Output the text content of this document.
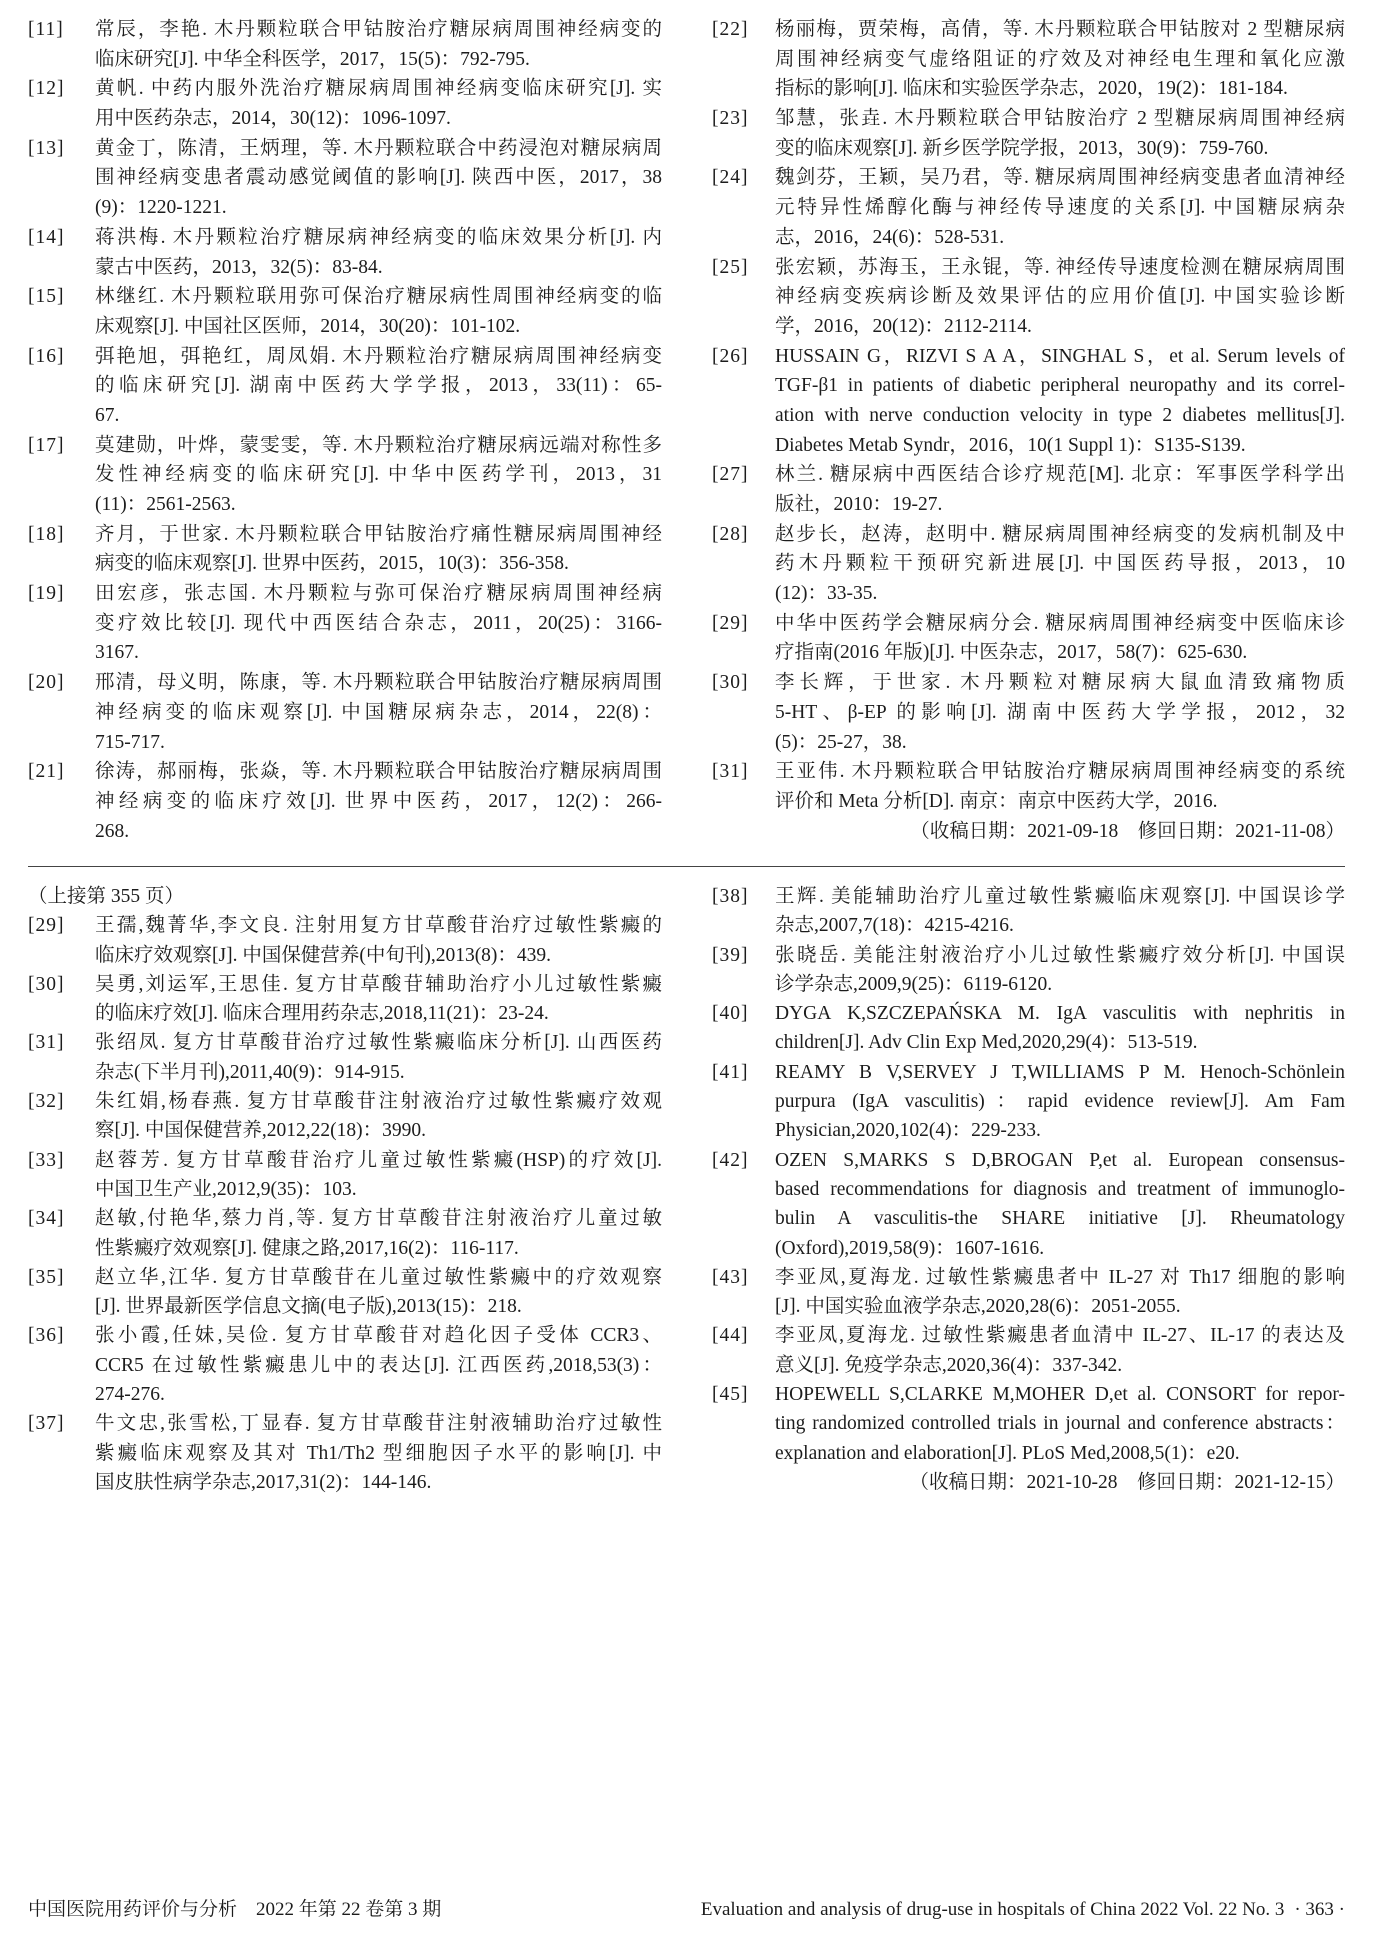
[11]	常辰，李艳. 木丹颗粒联合甲钴胺治疗糖尿病周围神经病变的
临床研究[J]. 中华全科医学，2017，15(5)：792-795.
[12]	黄帆. 中药内服外洗治疗糖尿病周围神经病变临床研究[J]. 实
用中医药杂志，2014，30(12)：1096-1097.
[13]	黄金丁，陈清，王炳理，等. 木丹颗粒联合中药浸泡对糖尿病周
围神经病变患者震动感觉阈值的影响[J]. 陕西中医，2017，38
(9)：1220-1221.
[14]	蒋洪梅. 木丹颗粒治疗糖尿病神经病变的临床效果分析[J]. 内
蒙古中医药，2013，32(5)：83-84.
[15]	林继红. 木丹颗粒联用弥可保治疗糖尿病性周围神经病变的临
床观察[J]. 中国社区医师，2014，30(20)：101-102.
[16]	弭艳旭，弭艳红，周凤娟. 木丹颗粒治疗糖尿病周围神经病变
的临床研究[J]. 湖南中医药大学学报，2013，33(11)：65-
67.
[17]	莫建勋，叶烨，蒙雯雯，等. 木丹颗粒治疗糖尿病远端对称性多
发性神经病变的临床研究[J]. 中华中医药学刊，2013，31
(11)：2561-2563.
[18]	齐月，于世家. 木丹颗粒联合甲钴胺治疗痛性糖尿病周围神经
病变的临床观察[J]. 世界中医药，2015，10(3)：356-358.
[19]	田宏彦，张志国. 木丹颗粒与弥可保治疗糖尿病周围神经病
变疗效比较[J]. 现代中西医结合杂志，2011，20(25)：3166-
3167.
[20]	邢清，母义明，陈康，等. 木丹颗粒联合甲钴胺治疗糖尿病周围
神经病变的临床观察[J]. 中国糖尿病杂志，2014，22(8)：
715-717.
[21]	徐涛，郝丽梅，张焱，等. 木丹颗粒联合甲钴胺治疗糖尿病周围
神经病变的临床疗效[J]. 世界中医药，2017，12(2)：266-
268.
[22]	杨丽梅，贾荣梅，高倩，等. 木丹颗粒联合甲钴胺对 2 型糖尿病
周围神经病变气虚络阻证的疗效及对神经电生理和氧化应激
指标的影响[J]. 临床和实验医学杂志，2020，19(2)：181-184.
[23]	邹慧，张垚. 木丹颗粒联合甲钴胺治疗 2 型糖尿病周围神经病
变的临床观察[J]. 新乡医学院学报，2013，30(9)：759-760.
[24]	魏剑芬，王颖，吴乃君，等. 糖尿病周围神经病变患者血清神经
元特异性烯醇化酶与神经传导速度的关系[J]. 中国糖尿病杂
志，2016，24(6)：528-531.
[25]	张宏颖，苏海玉，王永锟，等. 神经传导速度检测在糖尿病周围
神经病变疾病诊断及效果评估的应用价值[J]. 中国实验诊断
学，2016，20(12)：2112-2114.
[26]	HUSSAIN G，RIZVI S A A，SINGHAL S，et al. Serum levels of
TGF-β1 in patients of diabetic peripheral neuropathy and its correl-
ation with nerve conduction velocity in type 2 diabetes mellitus[J].
Diabetes Metab Syndr，2016，10(1 Suppl 1)：S135-S139.
[27]	林兰. 糖尿病中西医结合诊疗规范[M]. 北京：军事医学科学出
版社，2010：19-27.
[28]	赵步长，赵涛，赵明中. 糖尿病周围神经病变的发病机制及中
药木丹颗粒干预研究新进展[J]. 中国医药导报，2013，10
(12)：33-35.
[29]	中华中医药学会糖尿病分会. 糖尿病周围神经病变中医临床诊
疗指南(2016 年版)[J]. 中医杂志，2017，58(7)：625-630.
[30]	李长辉，于世家. 木丹颗粒对糖尿病大鼠血清致痛物质
5-HT、β-EP 的影响[J]. 湖南中医药大学学报，2012，32
(5)：25-27，38.
[31]	王亚伟. 木丹颗粒联合甲钴胺治疗糖尿病周围神经病变的系统
评价和 Meta 分析[D]. 南京：南京中医药大学，2016.
（收稿日期：2021-09-18　修回日期：2021-11-08）
（上接第 355 页）
[29]	王孺,魏菁华,李文良. 注射用复方甘草酸苷治疗过敏性紫癜的
临床疗效观察[J]. 中国保健营养(中旬刊),2013(8)：439.
[30]	吴勇,刘运军,王思佳. 复方甘草酸苷辅助治疗小儿过敏性紫癜
的临床疗效[J]. 临床合理用药杂志,2018,11(21)：23-24.
[31]	张绍凤. 复方甘草酸苷治疗过敏性紫癜临床分析[J]. 山西医药
杂志(下半月刊),2011,40(9)：914-915.
[32]	朱红娟,杨春燕. 复方甘草酸苷注射液治疗过敏性紫癜疗效观
察[J]. 中国保健营养,2012,22(18)：3990.
[33]	赵蓉芳. 复方甘草酸苷治疗儿童过敏性紫癜(HSP)的疗效[J].
中国卫生产业,2012,9(35)：103.
[34]	赵敏,付艳华,蔡力肖,等. 复方甘草酸苷注射液治疗儿童过敏
性紫癜疗效观察[J]. 健康之路,2017,16(2)：116-117.
[35]	赵立华,江华. 复方甘草酸苷在儿童过敏性紫癜中的疗效观察
[J]. 世界最新医学信息文摘(电子版),2013(15)：218.
[36]	张小霞,任妹,吴俭. 复方甘草酸苷对趋化因子受体 CCR3、
CCR5 在过敏性紫癜患儿中的表达[J]. 江西医药,2018,53(3)：
274-276.
[37]	牛文忠,张雪松,丁显春. 复方甘草酸苷注射液辅助治疗过敏性
紫癜临床观察及其对 Th1/Th2 型细胞因子水平的影响[J]. 中
国皮肤性病学杂志,2017,31(2)：144-146.
[38]	王辉. 美能辅助治疗儿童过敏性紫癜临床观察[J]. 中国误诊学
杂志,2007,7(18)：4215-4216.
[39]	张晓岳. 美能注射液治疗小儿过敏性紫癜疗效分析[J]. 中国误
诊学杂志,2009,9(25)：6119-6120.
[40]	DYGA K,SZCZEPAŃSKA M. IgA vasculitis with nephritis in
children[J]. Adv Clin Exp Med,2020,29(4)：513-519.
[41]	REAMY B V,SERVEY J T,WILLIAMS P M. Henoch-Schönlein
purpura (IgA vasculitis)：rapid evidence review[J]. Am Fam
Physician,2020,102(4)：229-233.
[42]	OZEN S,MARKS S D,BROGAN P,et al. European consensus-
based recommendations for diagnosis and treatment of immunoglo-
bulin A vasculitis-the SHARE initiative [J]. Rheumatology
(Oxford),2019,58(9)：1607-1616.
[43]	李亚凤,夏海龙. 过敏性紫癜患者中 IL-27 对 Th17 细胞的影响
[J]. 中国实验血液学杂志,2020,28(6)：2051-2055.
[44]	李亚凤,夏海龙. 过敏性紫癜患者血清中 IL-27、IL-17 的表达及
意义[J]. 免疫学杂志,2020,36(4)：337-342.
[45]	HOPEWELL S,CLARKE M,MOHER D,et al. CONSORT for repor-
ting randomized controlled trials in journal and conference abstracts：
explanation and elaboration[J]. PLoS Med,2008,5(1)：e20.
（收稿日期：2021-10-28　修回日期：2021-12-15）
中国医院用药评价与分析　2022 年第 22 卷第 3 期	Evaluation and analysis of drug-use in hospitals of China 2022 Vol. 22 No. 3 · 363 ·
